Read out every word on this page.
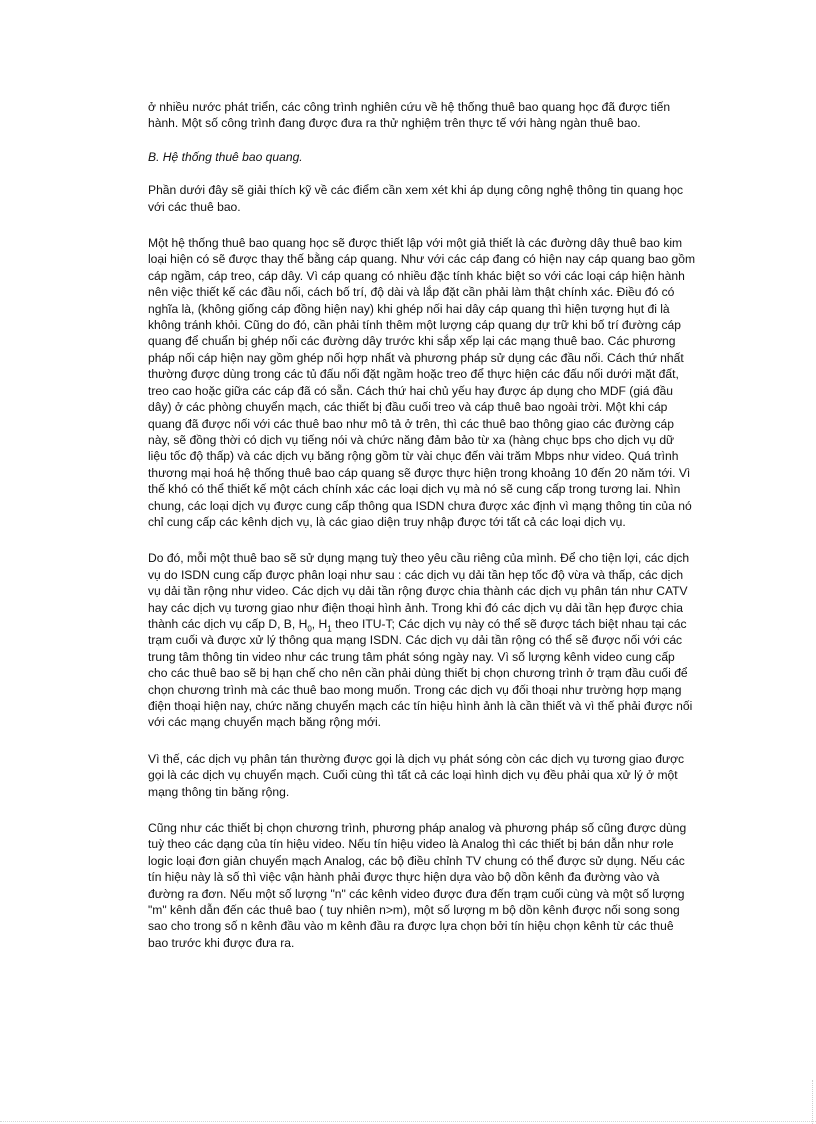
ở nhiều nước phát triển, các công trình nghiên cứu về hệ thống thuê bao quang học đã được tiến hành. Một số công trình đang được đưa ra thử nghiệm trên thực tế với hàng ngàn thuê bao.

B. Hệ thống thuê bao quang.

Phần dưới đây sẽ giải thích kỹ về các điểm cần xem xét khi áp dụng công nghệ thông tin quang học với các thuê bao.

Một hệ thống thuê bao quang học sẽ được thiết lập với một giả thiết là các đường dây thuê bao kim loại hiện có sẽ được thay thế bằng cáp quang. Như với các cáp đang có hiện nay cáp quang bao gồm cáp ngầm, cáp treo, cáp dây. Vì cáp quang có nhiều đặc tính khác biệt so với các loại cáp hiện hành nên việc thiết kế các đầu nối, cách bố trí, độ dài và lắp đặt cần phải làm thật chính xác. Điều đó có nghĩa là, (không giống cáp đồng hiện nay) khi ghép nối hai dây cáp quang thì hiện tượng hụt đi là không tránh khỏi. Cũng do đó, cần phải tính thêm một lượng cáp quang dự trữ khi bố trí đường cáp quang để chuẩn bị ghép nối các đường dây trước khi sắp xếp lại các mạng thuê bao. Các phương pháp nối cáp hiện nay gồm ghép nối hợp nhất và phương pháp sử dụng các đầu nối. Cách thứ nhất thường được dùng trong các tủ đấu nối đặt ngầm hoặc treo để thực hiện các đấu nối dưới mặt đất, treo cao hoặc giữa các cáp đã có sẵn. Cách thứ hai chủ yếu hay được áp dụng cho MDF (giá đầu dây) ở các phòng chuyển mạch, các thiết bị đầu cuối treo và cáp thuê bao ngoài trời. Một khi cáp quang đã được nối với các thuê bao như mô tả ở trên, thì các thuê bao thông giao các đường cáp này, sẽ đồng thời có dịch vụ tiếng nói và chức năng đảm bảo từ xa (hàng chục bps cho dịch vụ dữ liệu tốc độ thấp) và các dịch vụ băng rộng gồm từ vài chục đến vài trăm Mbps như video. Quá trình thương mại hoá hệ thống thuê bao cáp quang sẽ được thực hiện trong khoảng 10 đến 20 năm tới. Vì thế khó có thể thiết kế một cách chính xác các loại dịch vụ mà nó sẽ cung cấp trong tương lai. Nhìn chung, các loại dịch vụ được cung cấp thông qua ISDN chưa được xác định vì mạng thông tin của nó chỉ cung cấp các kênh dịch vụ, là các giao diện truy nhập được tới tất cả các loại dịch vụ.

Do đó, mỗi một thuê bao sẽ sử dụng mạng tuỳ theo yêu cầu riêng của mình. Để cho tiện lợi, các dịch vụ do ISDN cung cấp được phân loại như sau : các dịch vụ dải tần hẹp tốc độ vừa và thấp, các dịch vụ dải tần rộng như video. Các dịch vụ dải tần rộng được chia thành các dịch vụ phân tán như CATV hay các dịch vụ tương giao như điện thoại hình ảnh. Trong khi đó các dịch vụ dải tần hẹp được chia thành các dịch vụ cấp D, B, $H_0$, $H_1$ theo ITU-T; Các dịch vụ này có thể sẽ được tách biệt nhau tại các trạm cuối và được xử lý thông qua mạng ISDN. Các dịch vụ dải tần rộng có thể sẽ được nối với các trung tâm thông tin video như các trung tâm phát sóng ngày nay. Vì số lượng kênh video cung cấp cho các thuê bao sẽ bị hạn chế cho nên cần phải dùng thiết bị chọn chương trình ở trạm đầu cuối để chọn chương trình mà các thuê bao mong muốn. Trong các dịch vụ đối thoại như trường hợp mạng điện thoại hiện nay, chức năng chuyển mạch các tín hiệu hình ảnh là cần thiết và vì thế phải được nối với các mạng chuyển mạch băng rộng mới.

Vì thế, các dịch vụ phân tán thường được gọi là dịch vụ phát sóng còn các dịch vụ tương giao được gọi là các dịch vụ chuyển mạch. Cuối cùng thì tất cả các loại hình dịch vụ đều phải qua xử lý ở một mạng thông tin băng rộng.

Cũng như các thiết bị chọn chương trình, phương pháp analog và phương pháp số cũng được dùng tuỳ theo các dạng của tín hiệu video. Nếu tín hiệu video là Analog thì các thiết bị bán dẫn như rơle logic loại đơn giản chuyển mạch Analog, các bộ điều chỉnh TV chung có thể được sử dụng. Nếu các tín hiệu này là số thì việc vận hành phải được thực hiện dựa vào bộ dồn kênh đa đường vào và đường ra đơn. Nếu một số lượng "n" các kênh video được đưa đến trạm cuối cùng và một số lượng "m" kênh dẫn đến các thuê bao ( tuy nhiên n>m), một số lượng m bộ dồn kênh được nối song song sao cho trong số n kênh đầu vào m kênh đầu ra được lựa chọn bởi tín hiệu chọn kênh từ các thuê bao trước khi được đưa ra.
